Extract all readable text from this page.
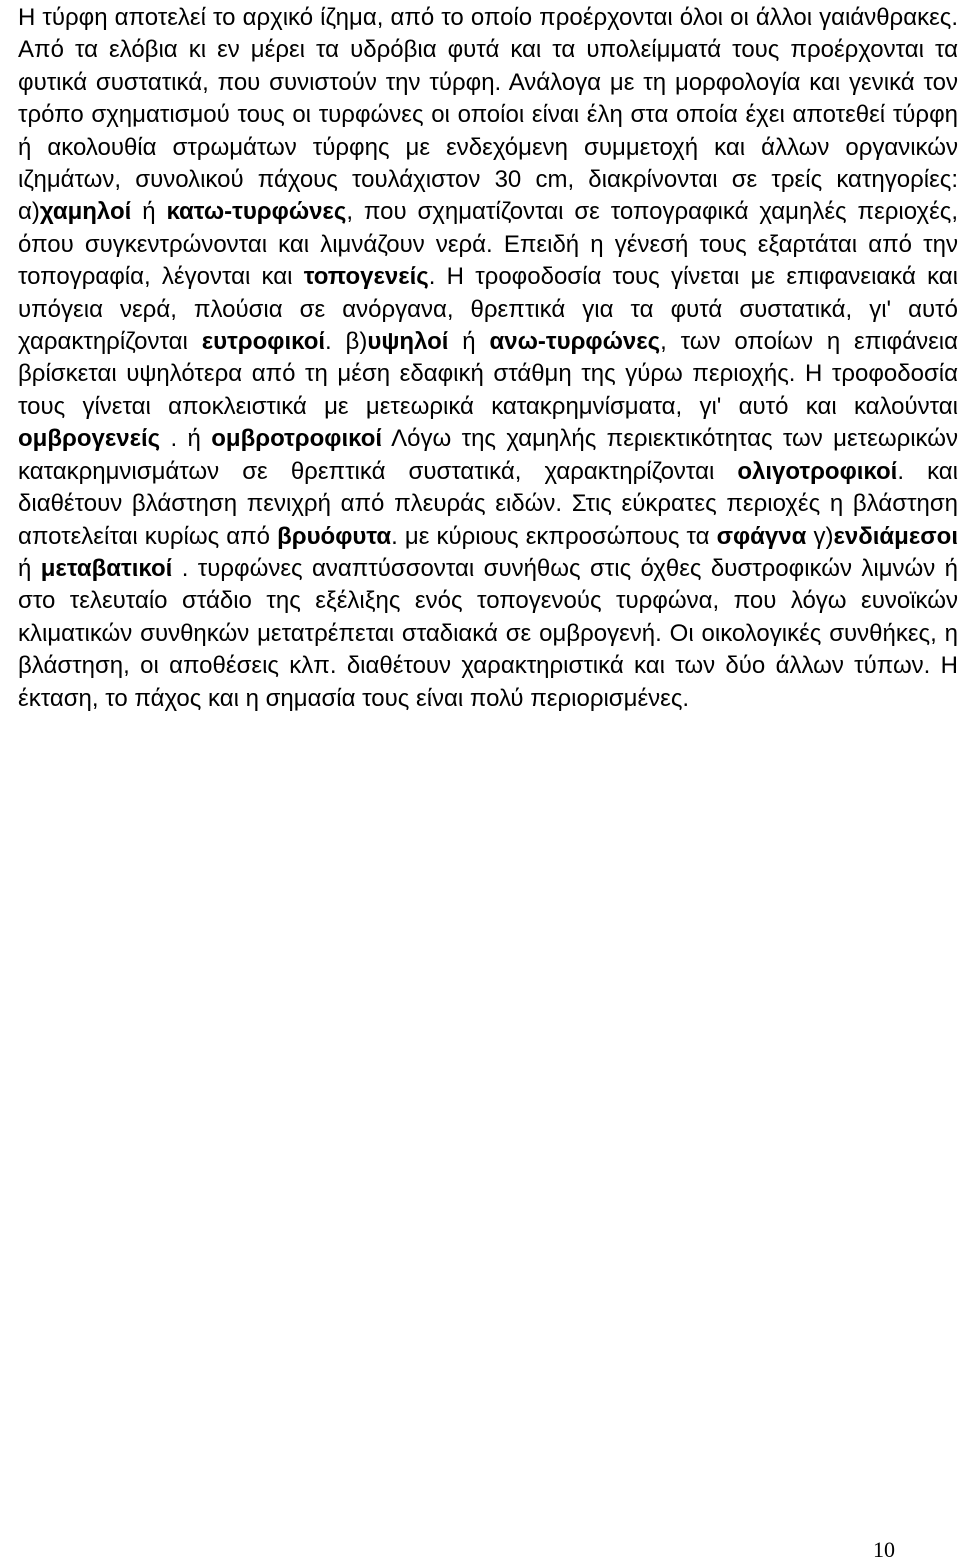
Η τύρφη αποτελεί το αρχικό ίζημα, από το οποίο προέρχονται όλοι οι άλλοι γαιάνθρακες. Από τα ελόβια κι εν μέρει τα υδρόβια φυτά και τα υπολείμματά τους προέρχονται τα φυτικά συστατικά, που συνιστούν την τύρφη. Ανάλογα με τη μορφολογία και γενικά τον τρόπο σχηματισμού τους οι τυρφώνες οι οποίοι είναι έλη στα οποία έχει αποτεθεί τύρφη ή ακολουθία στρωμάτων τύρφης με ενδεχόμενη συμμετοχή και άλλων οργανικών ιζημάτων, συνολικού πάχους τουλάχιστον 30 cm, διακρίνονται σε τρείς κατηγορίες: α)χαμηλοί ή κατω-τυρφώνες, που σχηματίζονται σε τοπογραφικά χαμηλές περιοχές, όπου συγκεντρώνονται και λιμνάζουν νερά. Επειδή η γένεσή τους εξαρτάται από την τοπογραφία, λέγονται και τοπογενείς. Η τροφοδοσία τους γίνεται με επιφανειακά και υπόγεια νερά, πλούσια σε ανόργανα, θρεπτικά για τα φυτά συστατικά, γι' αυτό χαρακτηρίζονται ευτροφικοί. β)υψηλοί ή ανω-τυρφώνες, των οποίων η επιφάνεια βρίσκεται υψηλότερα από τη μέση εδαφική στάθμη της γύρω περιοχής. Η τροφοδοσία τους γίνεται αποκλειστικά με μετεωρικά κατακρημνίσματα, γι' αυτό και καλούνται ομβρογενείς . ή ομβροτροφικοί Λόγω της χαμηλής περιεκτικότητας των μετεωρικών κατακρημνισμάτων σε θρεπτικά συστατικά, χαρακτηρίζονται ολιγοτροφικοί. και διαθέτουν βλάστηση πενιχρή από πλευράς ειδών. Στις εύκρατες περιοχές η βλάστηση αποτελείται κυρίως από βρυόφυτα. με κύριους εκπροσώπους τα σφάγνα γ)ενδιάμεσοι ή μεταβατικοί . τυρφώνες αναπτύσσονται συνήθως στις όχθες δυστροφικών λιμνών ή στο τελευταίο στάδιο της εξέλιξης ενός τοπογενούς τυρφώνα, που λόγω ευνοϊκών κλιματικών συνθηκών μετατρέπεται σταδιακά σε ομβρογενή. Οι οικολογικές συνθήκες, η βλάστηση, οι αποθέσεις κλπ. διαθέτουν χαρακτηριστικά και των δύο άλλων τύπων. Η έκταση, το πάχος και η σημασία τους είναι πολύ περιορισμένες.

10
